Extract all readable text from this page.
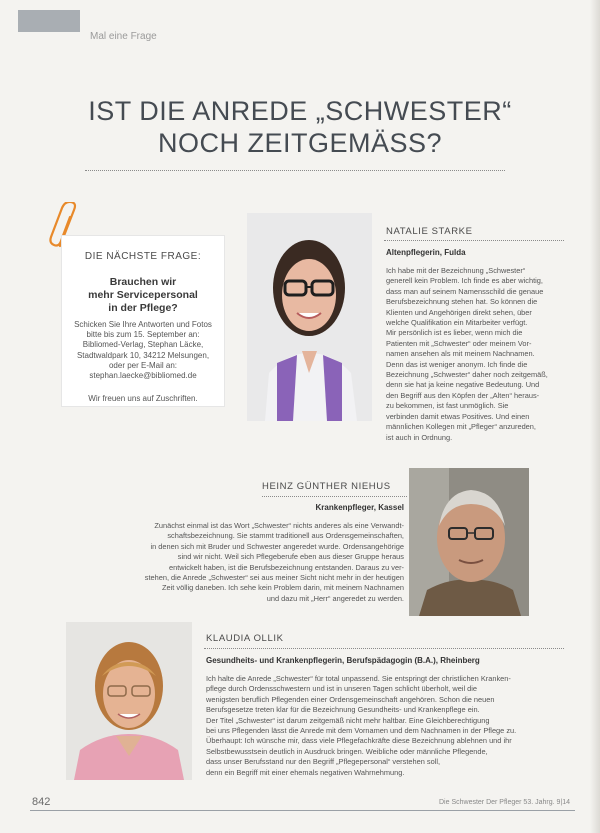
Mal eine Frage
IST DIE ANREDE „SCHWESTER“
NOCH ZEITGEMÄSS?
DIE NÄCHSTE FRAGE:
Brauchen wir
mehr Servicepersonal
in der Pflege?
Schicken Sie Ihre Antworten und Fotos
bitte bis zum 15. September an:
Bibliomed-Verlag, Stephan Läcke,
Stadtwaldpark 10, 34212 Melsungen,
oder per E-Mail an:
stephan.laecke@bibliomed.de
Wir freuen uns auf Zuschriften.
NATALIE STARKE
Altenpflegerin, Fulda
Ich habe mit der Bezeichnung „Schwester“
generell kein Problem. Ich finde es aber wichtig,
dass man auf seinem Namensschild die genaue
Berufsbezeichnung stehen hat. So können die
Klienten und Angehörigen direkt sehen, über
welche Qualifikation ein Mitarbeiter verfügt.
Mir persönlich ist es lieber, wenn mich die
Patienten mit „Schwester“ oder meinem Vor-
namen ansehen als mit meinem Nachnamen.
Denn das ist weniger anonym. Ich finde die
Bezeichnung „Schwester“ daher noch zeitgemäß,
denn sie hat ja keine negative Bedeutung. Und
den Begriff aus den Köpfen der „Alten“ heraus-
zu bekommen, ist fast unmöglich. Sie
verbinden damit etwas Positives. Und einen
männlichen Kollegen mit „Pfleger“ anzureden,
ist auch in Ordnung.
HEINZ GÜNTHER NIEHUS
Krankenpfleger, Kassel
Zunächst einmal ist das Wort „Schwester“ nichts anderes als eine Verwandt-
schaftsbezeichnung. Sie stammt traditionell aus Ordensgemeinschaften,
in denen sich mit Bruder und Schwester angeredet wurde. Ordensangehörige
sind wir nicht. Weil sich Pflegeberufe eben aus dieser Gruppe heraus
entwickelt haben, ist die Berufsbezeichnung entstanden. Daraus zu ver-
stehen, die Anrede „Schwester“ sei aus meiner Sicht nicht mehr in der heutigen
Zeit völlig daneben. Ich sehe kein Problem darin, mit meinem Nachnamen
und dazu mit „Herr“ angeredet zu werden.
KLAUDIA OLLIK
Gesundheits- und Krankenpflegerin, Berufspädagogin (B.A.), Rheinberg
Ich halte die Anrede „Schwester“ für total unpassend. Sie entspringt der christlichen Kranken-
pflege durch Ordensschwestern und ist in unseren Tagen schlicht überholt, weil die
wenigsten beruflich Pflegenden einer Ordensgemeinschaft angehören. Schon die neuen
Berufsgesetze treten klar für die Bezeichnung Gesundheits- und Krankenpflege ein.
Der Titel „Schwester“ ist darum zeitgemäß nicht mehr haltbar. Eine Gleichberechtigung
bei uns Pflegenden lässt die Anrede mit dem Vornamen und dem Nachnamen in der Pflege zu.
Überhaupt: Ich wünsche mir, dass viele Pflegefachkräfte diese Bezeichnung ablehnen und ihr
Selbstbewusstsein deutlich in Ausdruck bringen. Weibliche oder männliche Pflegende,
dass unser Berufsstand nur den Begriff „Pflegepersonal“ verstehen soll,
denn ein Begriff mit einer ehemals negativen Wahrnehmung.
842	Die Schwester Der Pfleger 53. Jahrg. 9|14
